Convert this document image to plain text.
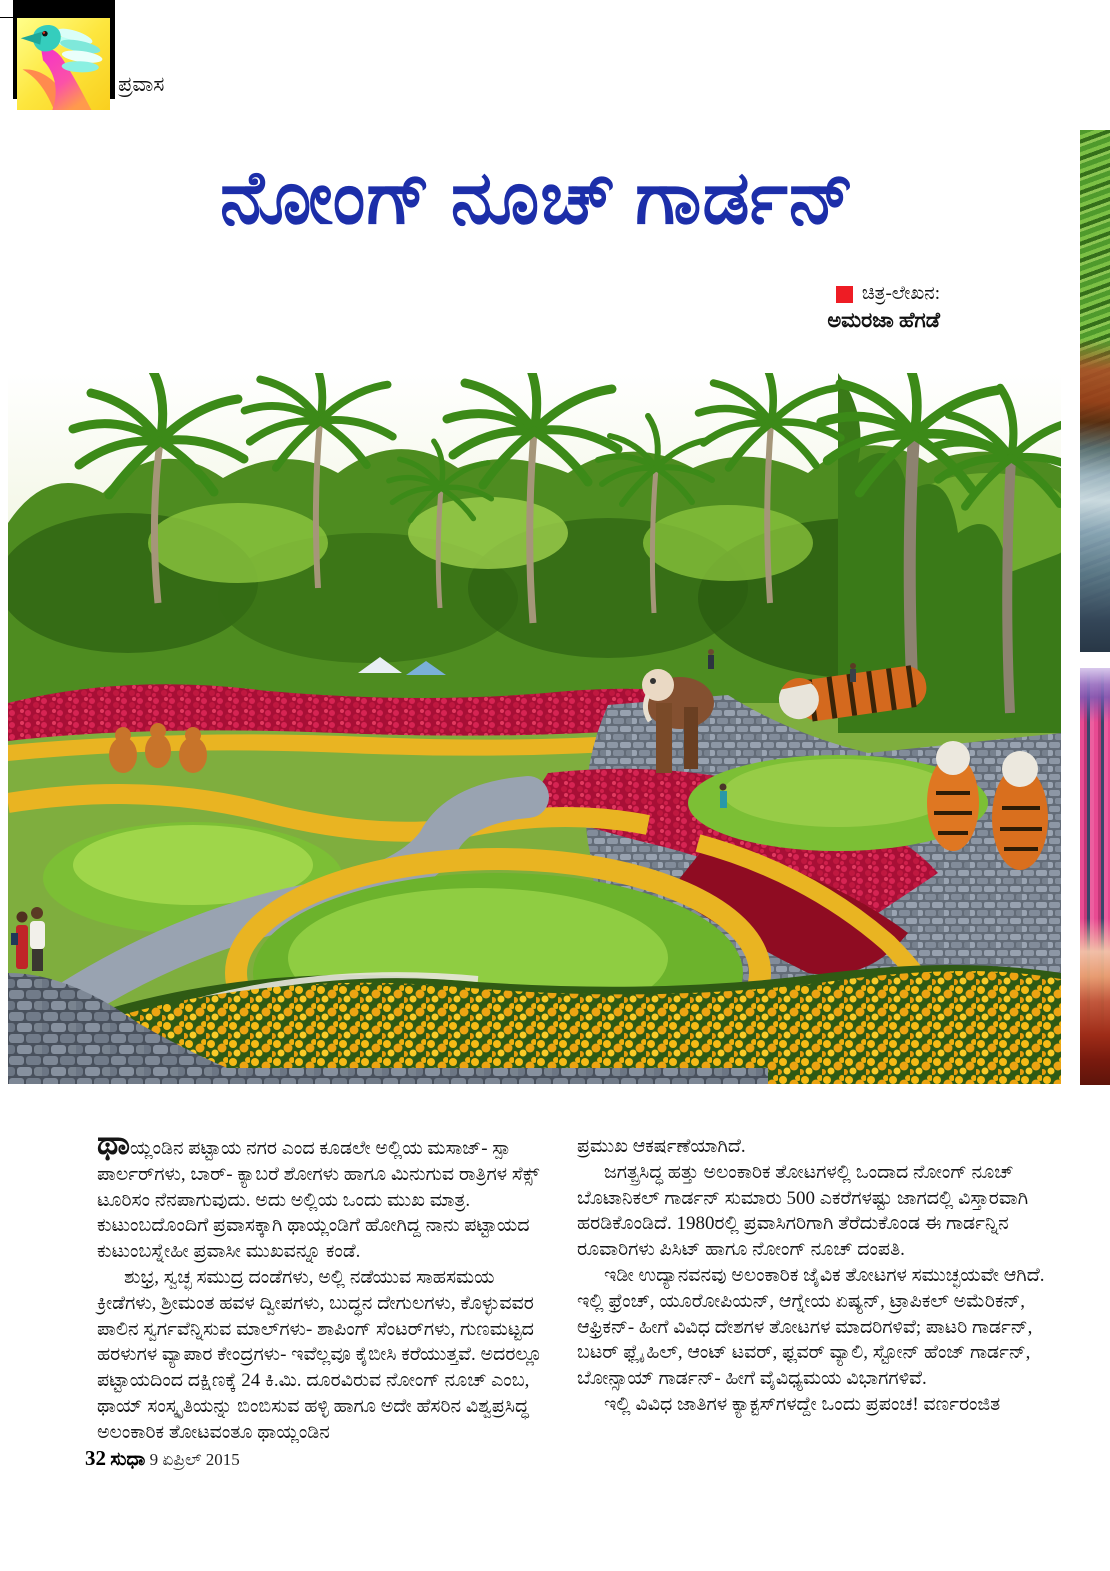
ಪ್ರವಾಸ
ನೋಂಗ್ ನೂಚ್ ಗಾರ್ಡನ್
ಚಿತ್ರ-ಲೇಖನ:
ಅಮರಜಾ ಹೆಗಡೆ

ಥಾಯ್ಲಂಡಿನ ಪಟ್ಟಾಯ ನಗರ ಎಂದ ಕೂಡಲೇ ಅಲ್ಲಿಯ ಮಸಾಜ್- ಸ್ಪಾ ಪಾರ್ಲರ್‌ಗಳು, ಬಾರ್- ಕ್ಯಾಬರೆ ಶೋಗಳು ಹಾಗೂ ಮಿನುಗುವ ರಾತ್ರಿಗಳ ಸೆಕ್ಸ್ ಟೂರಿಸಂ ನೆನಪಾಗುವುದು. ಅದು ಅಲ್ಲಿಯ ಒಂದು ಮುಖ ಮಾತ್ರ. ಕುಟುಂಬದೊಂದಿಗೆ ಪ್ರವಾಸಕ್ಕಾಗಿ ಥಾಯ್ಲಂಡಿಗೆ ಹೋಗಿದ್ದ ನಾನು ಪಟ್ಟಾಯದ ಕುಟುಂಬಸ್ನೇಹೀ ಪ್ರವಾಸೀ ಮುಖವನ್ನೂ ಕಂಡೆ.

ಶುಭ್ರ, ಸ್ವಚ್ಛ ಸಮುದ್ರ ದಂಡೆಗಳು, ಅಲ್ಲಿ ನಡೆಯುವ ಸಾಹಸಮಯ ಕ್ರೀಡೆಗಳು, ಶ್ರೀಮಂತ ಹವಳ ದ್ವೀಪಗಳು, ಬುದ್ಧನ ದೇಗುಲಗಳು, ಕೊಳ್ಳುವವರ ಪಾಲಿನ ಸ್ವರ್ಗವೆನ್ನಿಸುವ ಮಾಲ್‌ಗಳು- ಶಾಪಿಂಗ್ ಸೆಂಟರ್‌ಗಳು, ಗುಣಮಟ್ಟದ ಹರಳುಗಳ ವ್ಯಾಪಾರ ಕೇಂದ್ರಗಳು- ಇವೆಲ್ಲವೂ ಕೈಬೀಸಿ ಕರೆಯುತ್ತವೆ. ಅದರಲ್ಲೂ ಪಟ್ಟಾಯದಿಂದ ದಕ್ಷಿಣಕ್ಕೆ 24 ಕಿ.ಮಿ. ದೂರವಿರುವ ನೋಂಗ್ ನೂಚ್ ಎಂಬ, ಥಾಯ್ ಸಂಸ್ಕೃತಿಯನ್ನು ಬಿಂಬಿಸುವ ಹಳ್ಳಿ ಹಾಗೂ ಅದೇ ಹೆಸರಿನ ವಿಶ್ವಪ್ರಸಿದ್ಧ ಅಲಂಕಾರಿಕ ತೋಟವಂತೂ ಥಾಯ್ಲಂಡಿನ

ಪ್ರಮುಖ ಆಕರ್ಷಣೆಯಾಗಿದೆ.

ಜಗತ್ಪ್ರಸಿದ್ಧ ಹತ್ತು ಅಲಂಕಾರಿಕ ತೋಟಗಳಲ್ಲಿ ಒಂದಾದ ನೋಂಗ್ ನೂಚ್ ಬೊಟಾನಿಕಲ್ ಗಾರ್ಡನ್ ಸುಮಾರು 500 ಎಕರೆಗಳಷ್ಟು ಜಾಗದಲ್ಲಿ ವಿಸ್ತಾರವಾಗಿ ಹರಡಿಕೊಂಡಿದೆ. 1980ರಲ್ಲಿ ಪ್ರವಾಸಿಗರಿಗಾಗಿ ತೆರೆದುಕೊಂಡ ಈ ಗಾರ್ಡನ್ನಿನ ರೂವಾರಿಗಳು ಪಿಸಿಟ್ ಹಾಗೂ ನೋಂಗ್ ನೂಚ್ ದಂಪತಿ.

ಇಡೀ ಉದ್ಯಾನವನವು ಅಲಂಕಾರಿಕ ಜೈವಿಕ ತೋಟಗಳ ಸಮುಚ್ಛಯವೇ ಆಗಿದೆ. ಇಲ್ಲಿ ಫ್ರೆಂಚ್, ಯೂರೋಪಿಯನ್, ಆಗ್ನೇಯ ಏಷ್ಯನ್, ಟ್ರಾಪಿಕಲ್ ಅಮೆರಿಕನ್, ಆಫ್ರಿಕನ್- ಹೀಗೆ ವಿವಿಧ ದೇಶಗಳ ತೋಟಗಳ ಮಾದರಿಗಳಿವೆ; ಪಾಟರಿ ಗಾರ್ಡನ್, ಬಟರ್ ಫ್ಲೈ ಹಿಲ್, ಆಂಟ್ ಟವರ್, ಫ್ಲವರ್ ವ್ಯಾಲಿ, ಸ್ಟೋನ್ ಹೆಂಜ್ ಗಾರ್ಡನ್, ಬೋನ್ಸಾಯ್ ಗಾರ್ಡನ್- ಹೀಗೆ ವೈವಿಧ್ಯಮಯ ವಿಭಾಗಗಳಿವೆ.

ಇಲ್ಲಿ ವಿವಿಧ ಜಾತಿಗಳ ಕ್ಯಾಕ್ಟಸ್‌ಗಳದ್ದೇ ಒಂದು ಪ್ರಪಂಚ! ವರ್ಣರಂಜಿತ

32 ಸುಧಾ 9 ಏಪ್ರಿಲ್ 2015
